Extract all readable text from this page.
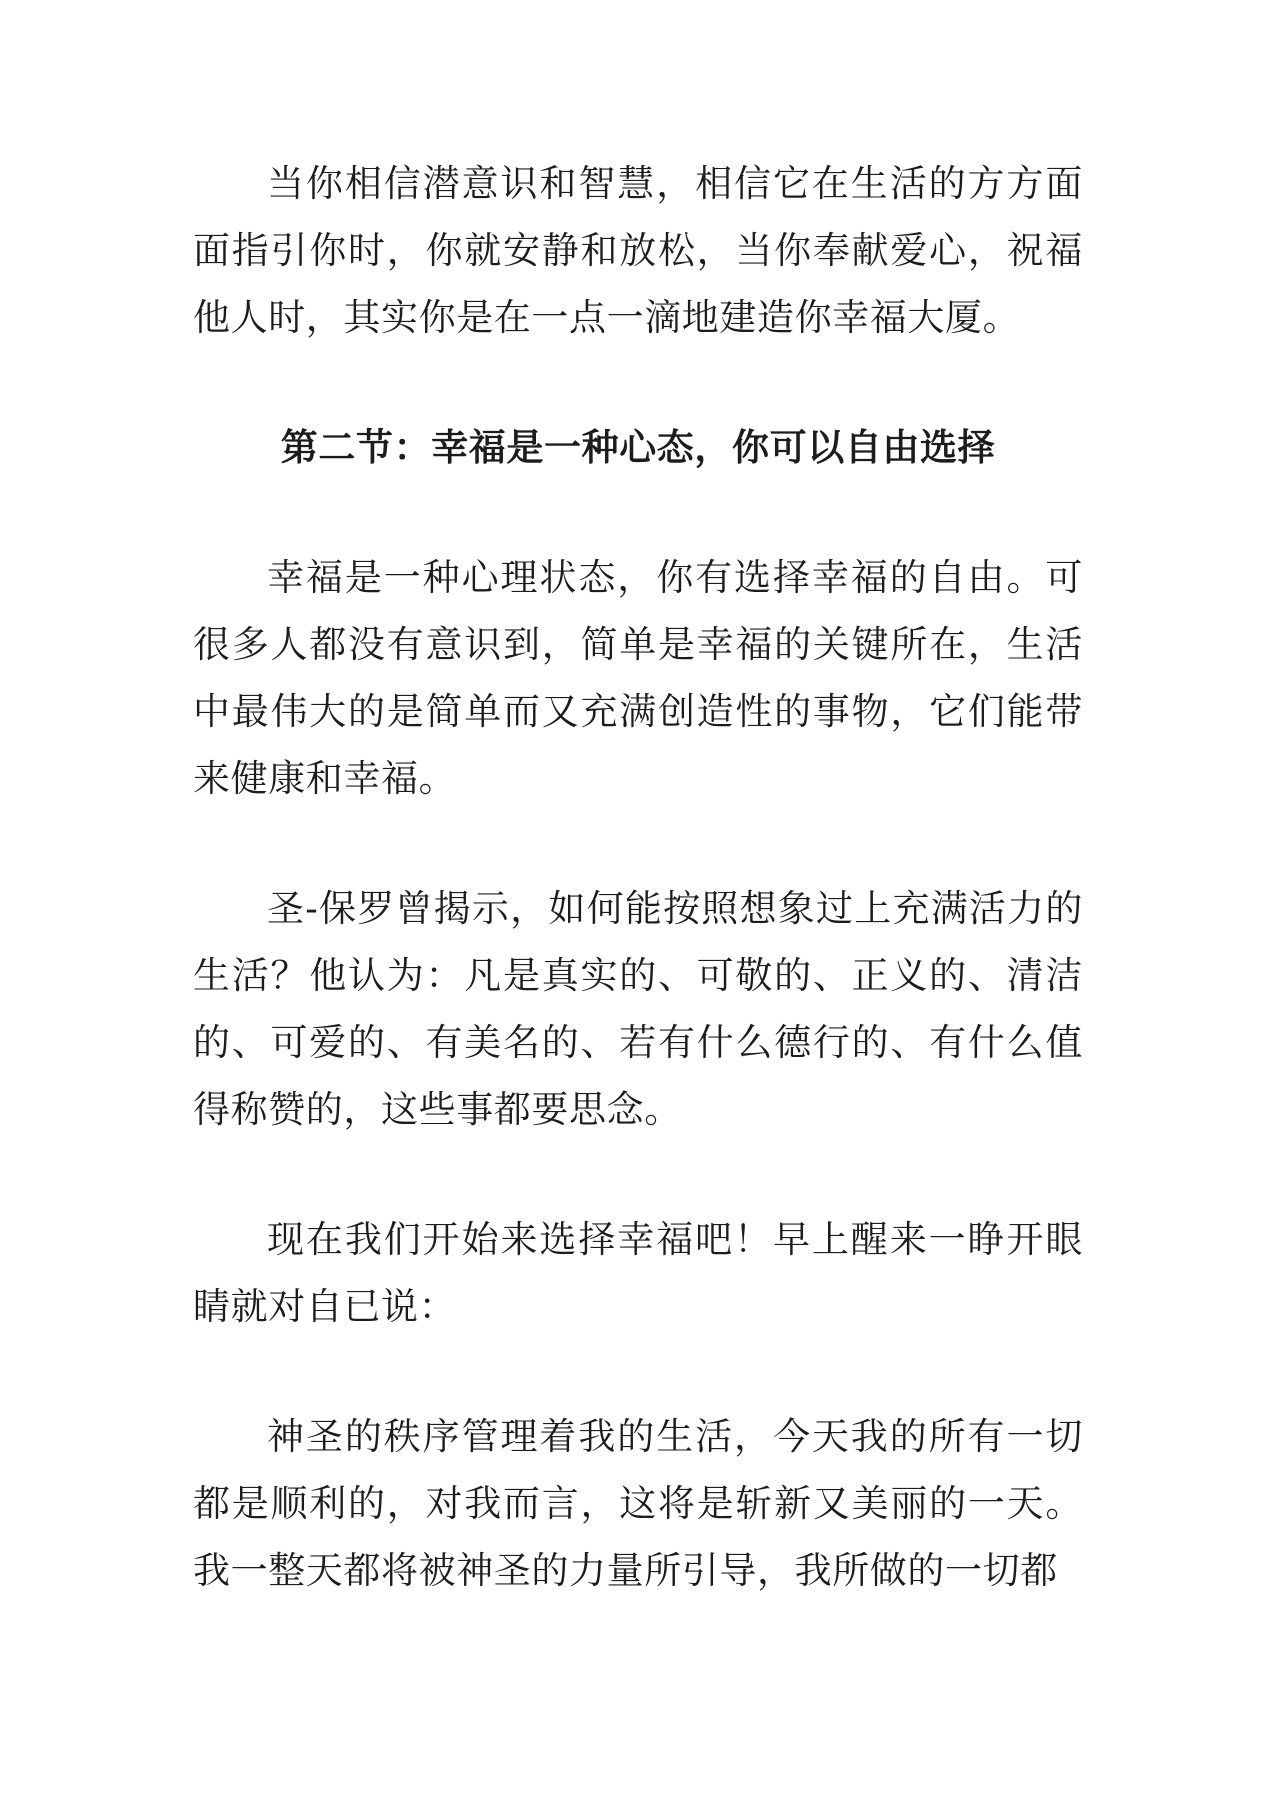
当你相信潜意识和智慧，相信它在生活的方方面面指引你时，你就安静和放松，当你奉献爱心，祝福他人时，其实你是在一点一滴地建造你幸福大厦。

第二节：幸福是一种心态，你可以自由选择

幸福是一种心理状态，你有选择幸福的自由。可很多人都没有意识到，简单是幸福的关键所在，生活中最伟大的是简单而又充满创造性的事物，它们能带来健康和幸福。

圣-保罗曾揭示，如何能按照想象过上充满活力的生活？他认为：凡是真实的、可敬的、正义的、清洁的、可爱的、有美名的、若有什么德行的、有什么值得称赞的，这些事都要思念。

现在我们开始来选择幸福吧！早上醒来一睁开眼睛就对自已说：

神圣的秩序管理着我的生活，今天我的所有一切都是顺利的，对我而言，这将是斩新又美丽的一天。我一整天都将被神圣的力量所引导，我所做的一切都
